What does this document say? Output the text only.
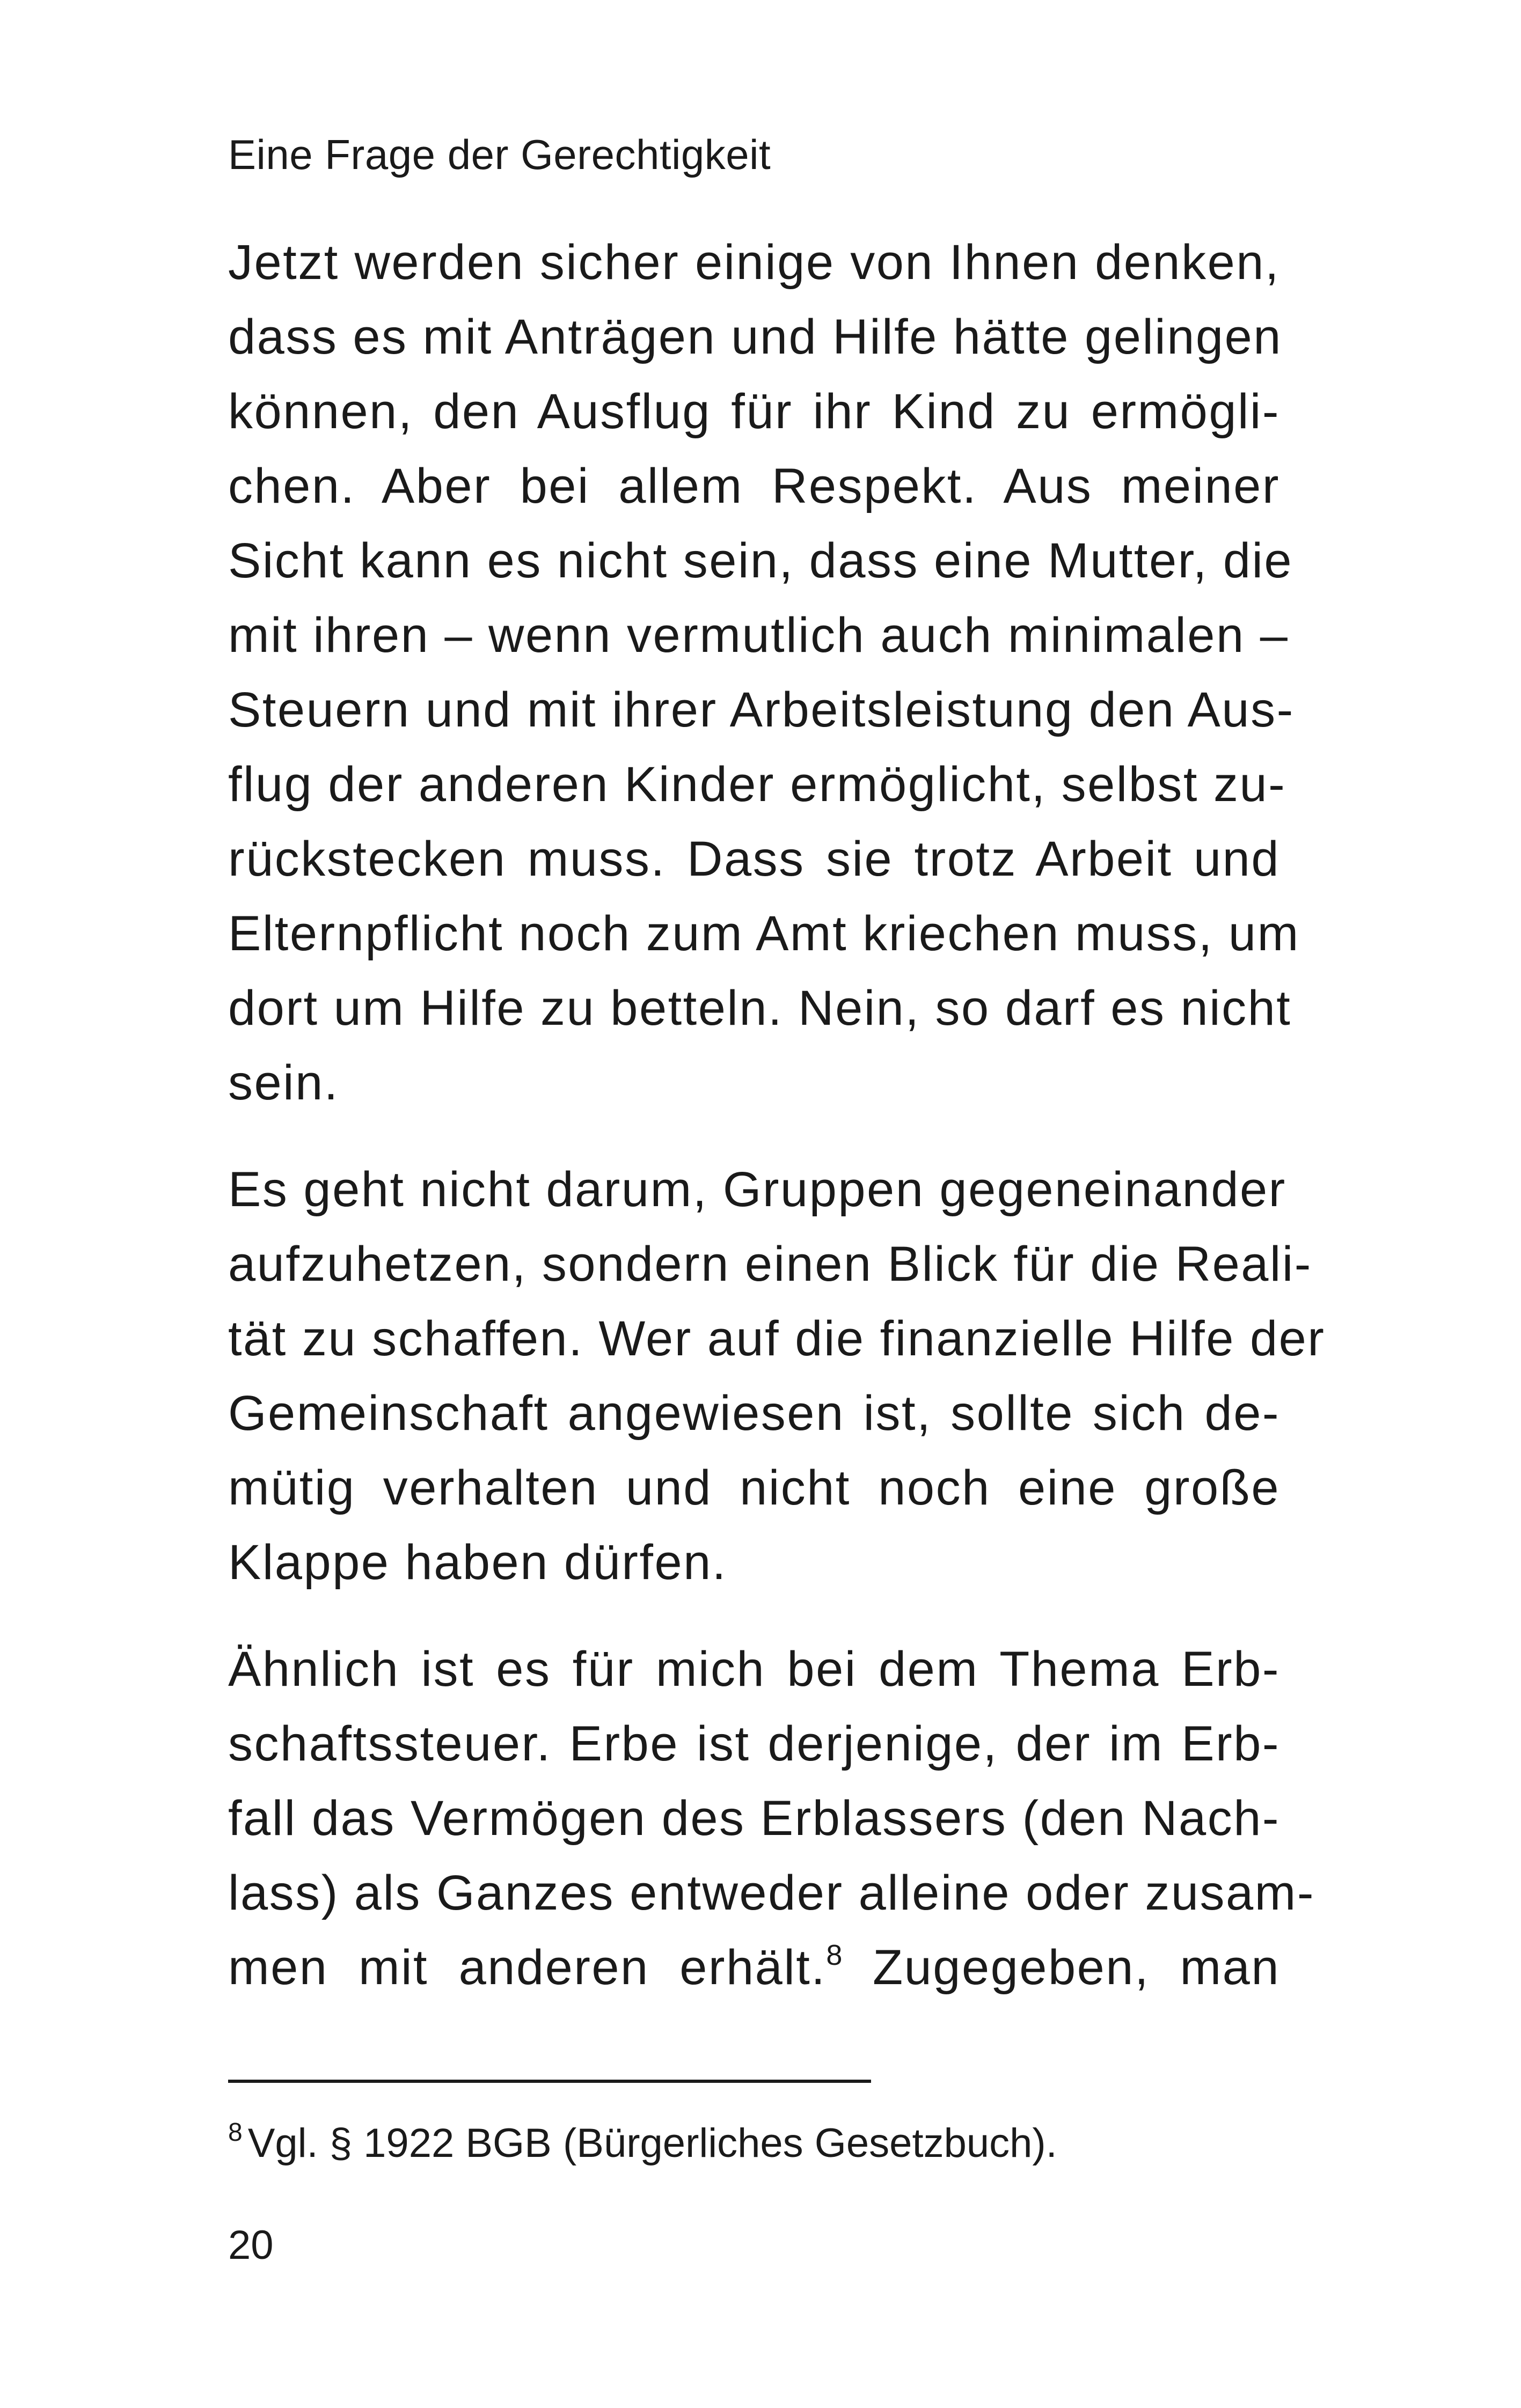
Eine Frage der Gerechtigkeit
Jetzt werden sicher einige von Ihnen denken,
dass es mit Anträgen und Hilfe hätte gelingen
können, den Ausflug für ihr Kind zu ermögli-
chen. Aber bei allem Respekt. Aus meiner
Sicht kann es nicht sein, dass eine Mutter, die
mit ihren – wenn vermutlich auch minimalen –
Steuern und mit ihrer Arbeitsleistung den Aus-
flug der anderen Kinder ermöglicht, selbst zu-
rückstecken muss. Dass sie trotz Arbeit und
Elternpflicht noch zum Amt kriechen muss, um
dort um Hilfe zu betteln. Nein, so darf es nicht
sein.
Es geht nicht darum, Gruppen gegeneinander
aufzuhetzen, sondern einen Blick für die Reali-
tät zu schaffen. Wer auf die finanzielle Hilfe der
Gemeinschaft angewiesen ist, sollte sich de-
mütig verhalten und nicht noch eine große
Klappe haben dürfen.
Ähnlich ist es für mich bei dem Thema Erb-
schaftssteuer. Erbe ist derjenige, der im Erb-
fall das Vermögen des Erblassers (den Nach-
lass) als Ganzes entweder alleine oder zusam-
men mit anderen erhält.$^8$ Zugegeben, man
$^8$ Vgl. § 1922 BGB (Bürgerliches Gesetzbuch).
20
